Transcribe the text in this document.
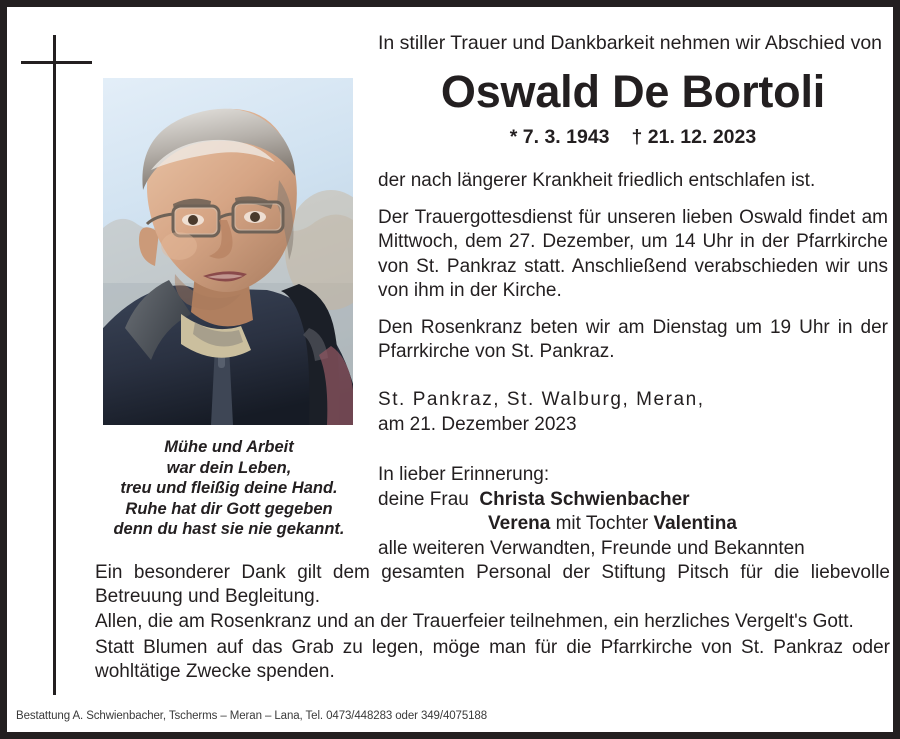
Mühe und Arbeit
war dein Leben,
treu und fleißig deine Hand.
Ruhe hat dir Gott gegeben
denn du hast sie nie gekannt.
In stiller Trauer und Dankbarkeit nehmen wir Abschied von
Oswald De Bortoli
* 7. 3. 1943 † 21. 12. 2023
der nach längerer Krankheit friedlich entschlafen ist.
Der Trauergottesdienst für unseren lieben Oswald findet am Mittwoch, dem 27. Dezember, um 14 Uhr in der Pfarrkirche von St. Pankraz statt. Anschließend verabschieden wir uns von ihm in der Kirche.
Den Rosenkranz beten wir am Dienstag um 19 Uhr in der Pfarrkirche von St. Pankraz.
St. Pankraz, St. Walburg, Meran,
am 21. Dezember 2023
In lieber Erinnerung:
deine Frau Christa Schwienbacher
Verena mit Tochter Valentina
alle weiteren Verwandten, Freunde und Bekannten

Ein besonderer Dank gilt dem gesamten Personal der Stiftung Pitsch für die liebevolle Betreuung und Begleitung.

Allen, die am Rosenkranz und an der Trauerfeier teilnehmen, ein herzliches Vergelt's Gott.

Statt Blumen auf das Grab zu legen, möge man für die Pfarrkirche von St. Pankraz oder wohltätige Zwecke spenden.

Bestattung A. Schwienbacher, Tscherms – Meran – Lana, Tel. 0473/448283 oder 349/4075188
